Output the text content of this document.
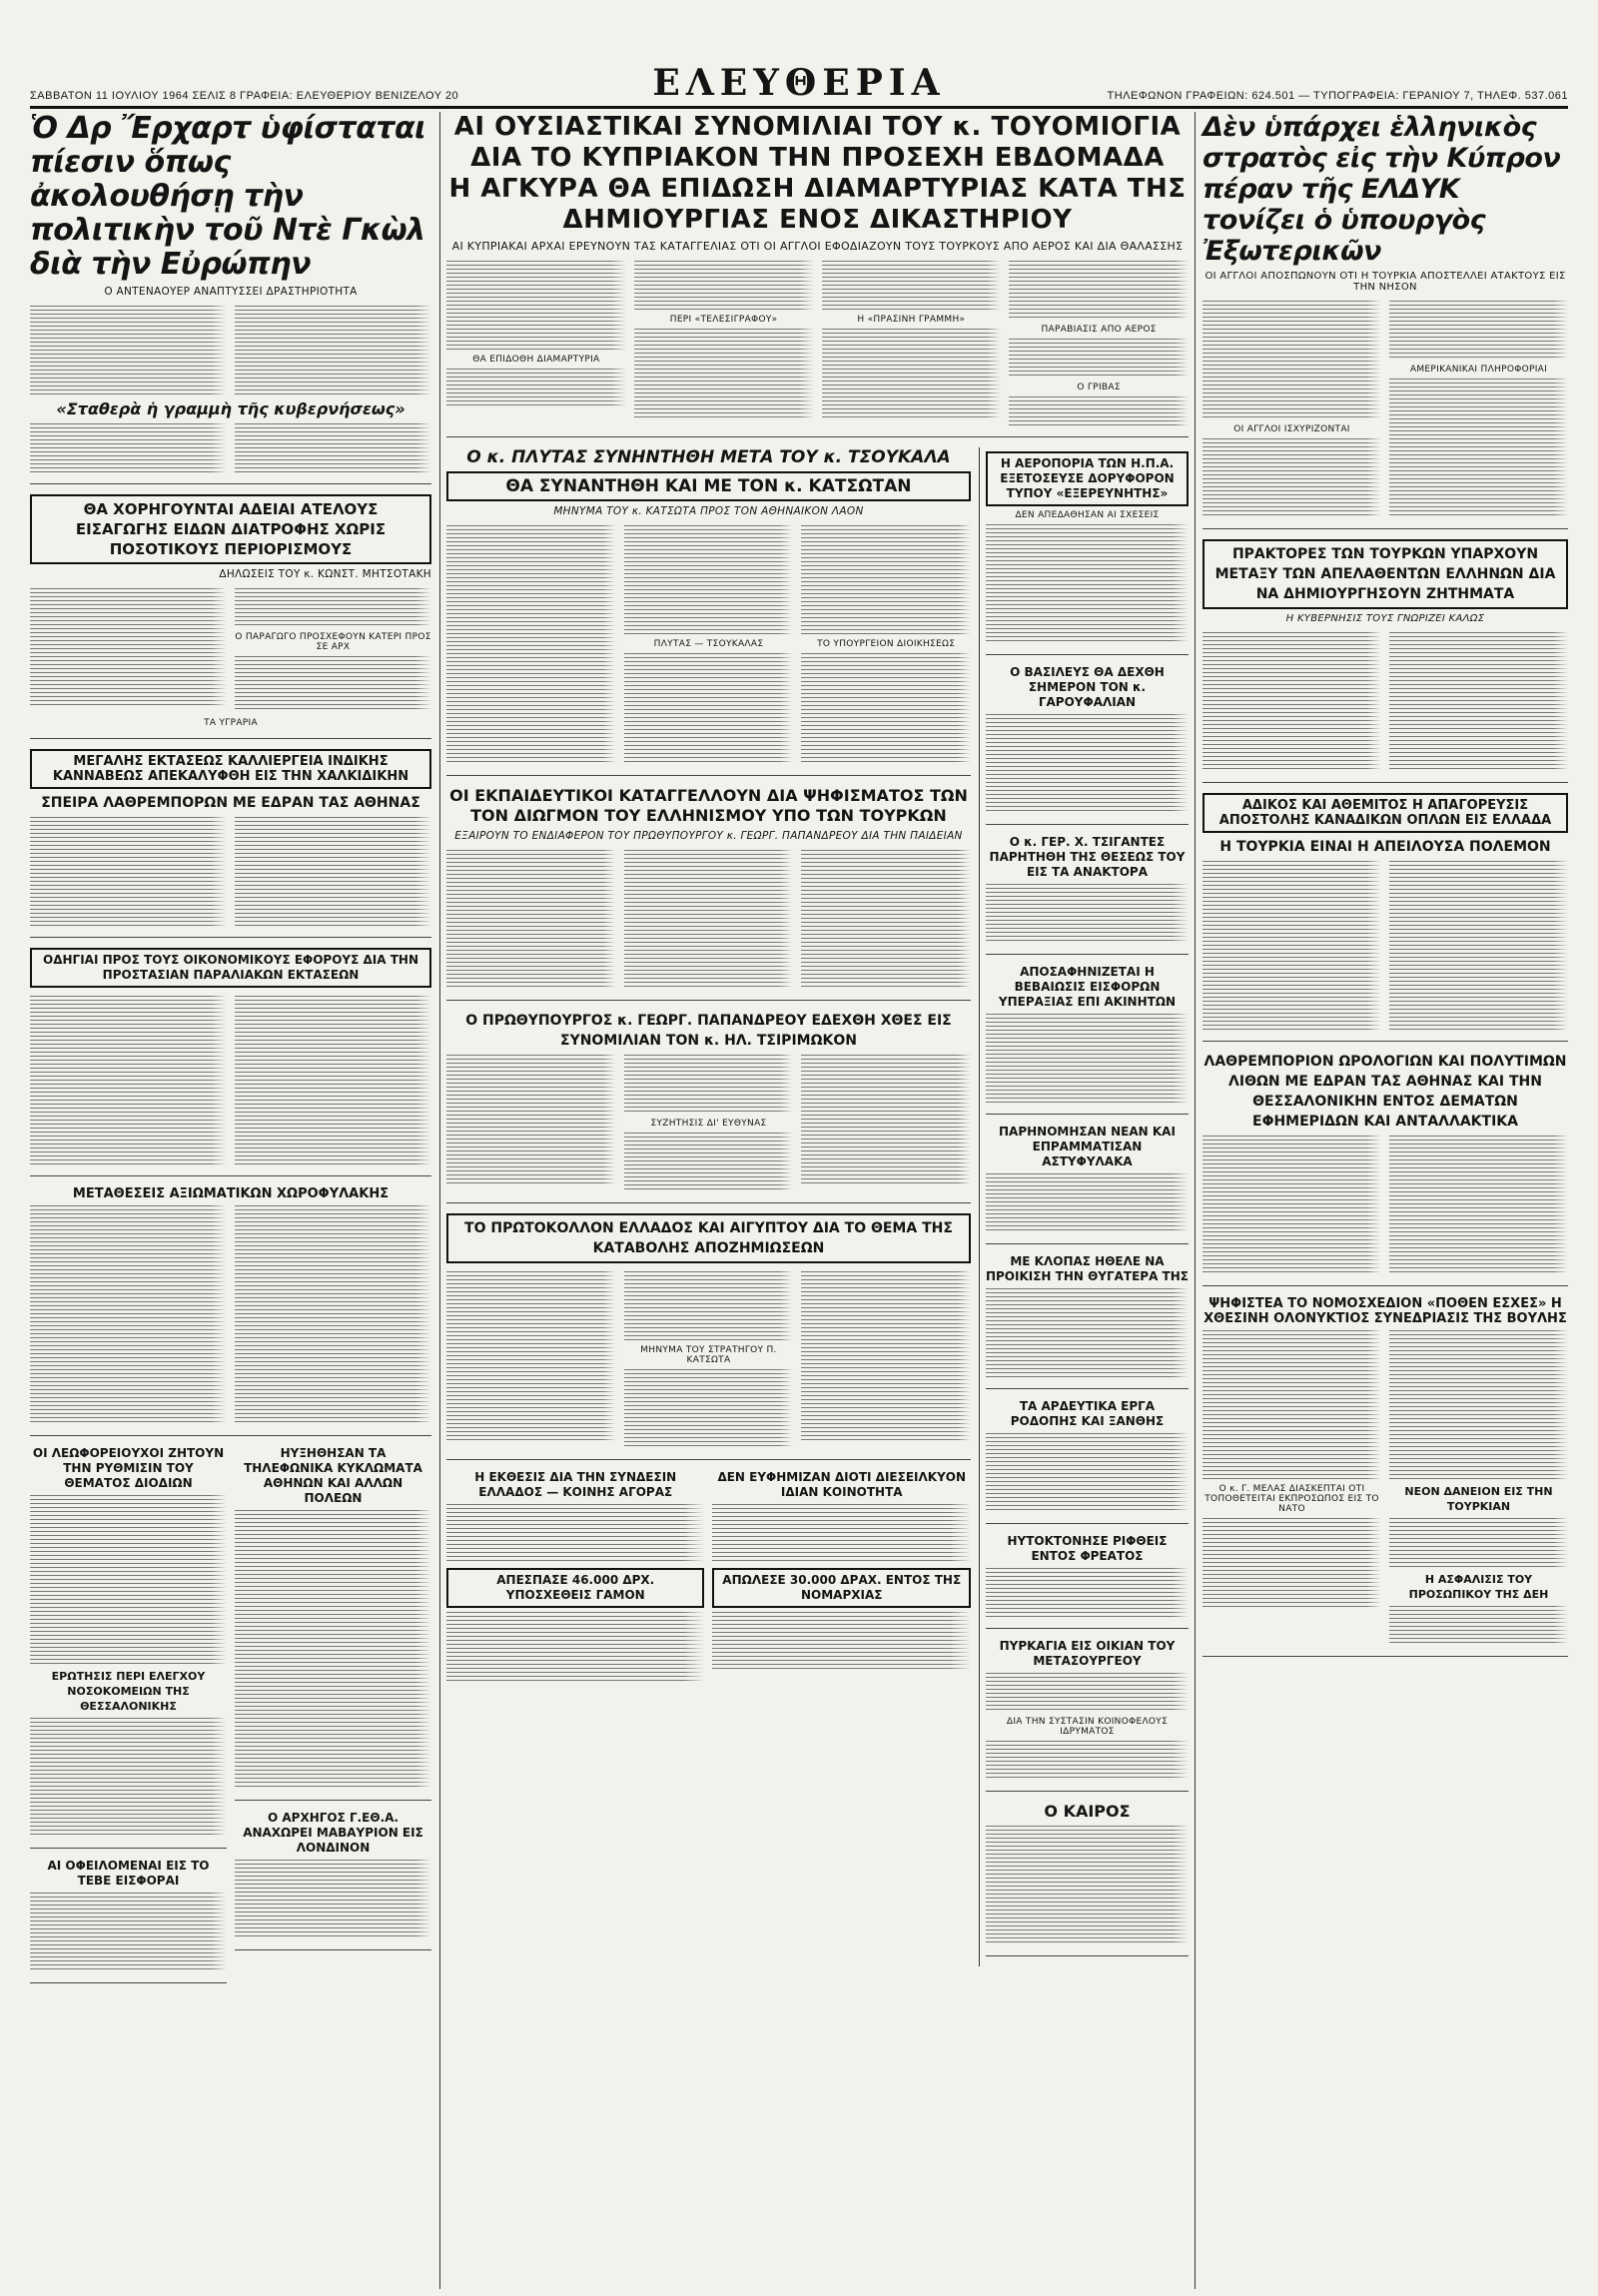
ΣΑΒΒΑΤΟΝ 11 ΙΟΥΛΙΟΥ 1964 ΣΕΛΙΣ 8 ΓΡΑΦΕΙΑ: ΕΛΕΥΘΕΡΙΟΥ ΒΕΝΙΖΕΛΟΥ 20	ΕΛΕΥΘΕΡΙΑ	ΤΗΛΕΦΩΝΟΝ ΓΡΑΦΕΙΩΝ: 624.501 — ΤΥΠΟΓΡΑΦΕΙΑ: ΓΕΡΑΝΙΟΥ 7, ΤΗΛΕΦ. 537.061
Ὁ Δρ Ἔρχαρτ ὑφίσταται πίεσιν ὅπως ἀκολουθήσῃ τὴν πολιτικὴν τοῦ Ντὲ Γκὼλ διὰ τὴν Εὐρώπην
Ο ΑΝΤΕΝΑΟΥΕΡ ΑΝΑΠΤΥΣΣΕΙ ΔΡΑΣΤΗΡΙΟΤΗΤΑ
«Σταθερὰ ἡ γραμμὴ τῆς κυβερνήσεως»
ΘΑ ΧΟΡΗΓΟΥΝΤΑΙ ΑΔΕΙΑΙ ΑΤΕΛΟΥΣ ΕΙΣΑΓΩΓΗΣ ΕΙΔΩΝ ΔΙΑΤΡΟΦΗΣ ΧΩΡΙΣ ΠΟΣΟΤΙΚΟΥΣ ΠΕΡΙΟΡΙΣΜΟΥΣ
ΔΗΛΩΣΕΙΣ ΤΟΥ κ. ΚΩΝΣΤ. ΜΗΤΣΟΤΑΚΗ
Ο ΠΑΡΑΓΩΓΟ ΠΡΟΣΧΕΦΟΥΝ ΚΑΤΕΡΙ ΠΡΟΣ ΣΕ ΑΡΧ
ΤΑ ΥΓΡΑΡΙΑ
ΜΕΓΑΛΗΣ ΕΚΤΑΣΕΩΣ ΚΑΛΛΙΕΡΓΕΙΑ ΙΝΔΙΚΗΣ ΚΑΝΝΑΒΕΩΣ ΑΠΕΚΑΛΥΦΘΗ ΕΙΣ ΤΗΝ ΧΑΛΚΙΔΙΚΗΝ
ΣΠΕΙΡΑ ΛΑΘΡΕΜΠΟΡΩΝ ΜΕ ΕΔΡΑΝ ΤΑΣ ΑΘΗΝΑΣ
ΟΔΗΓΙΑΙ ΠΡΟΣ ΤΟΥΣ ΟΙΚΟΝΟΜΙΚΟΥΣ ΕΦΟΡΟΥΣ ΔΙΑ ΤΗΝ ΠΡΟΣΤΑΣΙΑΝ ΠΑΡΑΛΙΑΚΩΝ ΕΚΤΑΣΕΩΝ
ΜΕΤΑΘΕΣΕΙΣ ΑΞΙΩΜΑΤΙΚΩΝ ΧΩΡΟΦΥΛΑΚΗΣ
ΟΙ ΛΕΩΦΟΡΕΙΟΥΧΟΙ ΖΗΤΟΥΝ ΤΗΝ ΡΥΘΜΙΣΙΝ ΤΟΥ ΘΕΜΑΤΟΣ ΔΙΟΔΙΩΝ
ΕΡΩΤΗΣΙΣ ΠΕΡΙ ΕΛΕΓΧΟΥ ΝΟΣΟΚΟΜΕΙΩΝ ΤΗΣ ΘΕΣΣΑΛΟΝΙΚΗΣ
ΑΙ ΟΦΕΙΛΟΜΕΝΑΙ ΕΙΣ ΤΟ ΤΕΒΕ ΕΙΣΦΟΡΑΙ
ΗΥΞΗΘΗΣΑΝ ΤΑ ΤΗΛΕΦΩΝΙΚΑ ΚΥΚΛΩΜΑΤΑ ΑΘΗΝΩΝ ΚΑΙ ΑΛΛΩΝ ΠΟΛΕΩΝ
Ο ΑΡΧΗΓΟΣ Γ.ΕΘ.Α. ΑΝΑΧΩΡΕΙ ΜΑΒΑΥΡΙΟΝ ΕΙΣ ΛΟΝΔΙΝΟΝ
ΑΙ ΟΥΣΙΑΣΤΙΚΑΙ ΣΥΝΟΜΙΛΙΑΙ ΤΟΥ κ. ΤΟΥΟΜΙΟΓΙΑ ΔΙΑ ΤΟ ΚΥΠΡΙΑΚΟΝ ΤΗΝ ΠΡΟΣΕΧΗ ΕΒΔΟΜΑΔΑ
Η ΑΓΚΥΡΑ ΘΑ ΕΠΙΔΩΣΗ ΔΙΑΜΑΡΤΥΡΙΑΣ ΚΑΤΑ ΤΗΣ ΔΗΜΙΟΥΡΓΙΑΣ ΕΝΟΣ ΔΙΚΑΣΤΗΡΙΟΥ
ΑΙ ΚΥΠΡΙΑΚΑΙ ΑΡΧΑΙ ΕΡΕΥΝΟΥΝ ΤΑΣ ΚΑΤΑΓΓΕΛΙΑΣ ΟΤΙ ΟΙ ΑΓΓΛΟΙ ΕΦΟΔΙΑΖΟΥΝ ΤΟΥΣ ΤΟΥΡΚΟΥΣ ΑΠΟ ΑΕΡΟΣ ΚΑΙ ΔΙΑ ΘΑΛΑΣΣΗΣ
ΘΑ ΕΠΙΔΟΘΗ ΔΙΑΜΑΡΤΥΡΙΑ
ΠΕΡΙ «ΤΕΛΕΣΙΓΡΑΦΟΥ»	Η «ΠΡΑΣΙΝΗ ΓΡΑΜΜΗ»
ΠΑΡΑΒΙΑΣΙΣ ΑΠΟ ΑΕΡΟΣ
Ο ΓΡΙΒΑΣ
Ο κ. ΠΛΥΤΑΣ ΣΥΝΗΝΤΗΘΗ ΜΕΤΑ ΤΟΥ κ. ΤΣΟΥΚΑΛΑ
ΘΑ ΣΥΝΑΝΤΗΘΗ ΚΑΙ ΜΕ ΤΟΝ κ. ΚΑΤΣΩΤΑΝ
ΜΗΝΥΜΑ ΤΟΥ κ. ΚΑΤΣΩΤΑ ΠΡΟΣ ΤΟΝ ΑΘΗΝΑΙΚΟΝ ΛΑΟΝ
ΠΛΥΤΑΣ — ΤΣΟΥΚΑΛΑΣ	ΤΟ ΥΠΟΥΡΓΕΙΟΝ ΔΙΟΙΚΗΣΕΩΣ
ΟΙ ΕΚΠΑΙΔΕΥΤΙΚΟΙ ΚΑΤΑΓΓΕΛΛΟΥΝ ΔΙΑ ΨΗΦΙΣΜΑΤΟΣ ΤΩΝ ΤΟΝ ΔΙΩΓΜΟΝ ΤΟΥ ΕΛΛΗΝΙΣΜΟΥ ΥΠΟ ΤΩΝ ΤΟΥΡΚΩΝ
ΕΞΑΙΡΟΥΝ ΤΟ ΕΝΔΙΑΦΕΡΟΝ ΤΟΥ ΠΡΩΘΥΠΟΥΡΓΟΥ κ. ΓΕΩΡΓ. ΠΑΠΑΝΔΡΕΟΥ ΔΙΑ ΤΗΝ ΠΑΙΔΕΙΑΝ
Ο ΠΡΩΘΥΠΟΥΡΓΟΣ κ. ΓΕΩΡΓ. ΠΑΠΑΝΔΡΕΟΥ ΕΔΕΧΘΗ ΧΘΕΣ ΕΙΣ ΣΥΝΟΜΙΛΙΑΝ ΤΟΝ κ. ΗΛ. ΤΣΙΡΙΜΩΚΟΝ
ΣΥΖΗΤΗΣΙΣ ΔΙ' ΕΥΘΥΝΑΣ
ΤΟ ΠΡΩΤΟΚΟΛΛΟΝ ΕΛΛΑΔΟΣ ΚΑΙ ΑΙΓΥΠΤΟΥ ΔΙΑ ΤΟ ΘΕΜΑ ΤΗΣ ΚΑΤΑΒΟΛΗΣ ΑΠΟΖΗΜΙΩΣΕΩΝ
ΜΗΝΥΜΑ ΤΟΥ ΣΤΡΑΤΗΓΟΥ Π. ΚΑΤΣΩΤΑ
Η ΕΚΘΕΣΙΣ ΔΙΑ ΤΗΝ ΣΥΝΔΕΣΙΝ ΕΛΛΑΔΟΣ — ΚΟΙΝΗΣ ΑΓΟΡΑΣ
ΑΠΕΣΠΑΣΕ 46.000 ΔΡΧ. ΥΠΟΣΧΕΘΕΙΣ ΓΑΜΟΝ
ΔΕΝ ΕΥΦΗΜΙΖΑΝ ΔΙΟΤΙ ΔΙΕΣΕΙΛΚΥΟΝ ΙΔΙΑΝ ΚΟΙΝΟΤΗΤΑ
ΑΠΩΛΕΣΕ 30.000 ΔΡΑΧ. ΕΝΤΟΣ ΤΗΣ ΝΟΜΑΡΧΙΑΣ
Η ΑΕΡΟΠΟΡΙΑ ΤΩΝ Η.Π.Α. ΕΞΕΤΟΣΕΥΣΕ ΔΟΡΥΦΟΡΟΝ ΤΥΠΟΥ «ΕΞΕΡΕΥΝΗΤΗΣ»
ΔΕΝ ΑΠΕΔΑΘΗΣΑΝ ΑΙ ΣΧΕΣΕΙΣ
Ο ΒΑΣΙΛΕΥΣ ΘΑ ΔΕΧΘΗ ΣΗΜΕΡΟΝ ΤΟΝ κ. ΓΑΡΟΥΦΑΛΙΑΝ
Ο κ. ΓΕΡ. Χ. ΤΣΙΓΑΝΤΕΣ ΠΑΡΗΤΗΘΗ ΤΗΣ ΘΕΣΕΩΣ ΤΟΥ ΕΙΣ ΤΑ ΑΝΑΚΤΟΡΑ
ΑΠΟΣΑΦΗΝΙΖΕΤΑΙ Η ΒΕΒΑΙΩΣΙΣ ΕΙΣΦΟΡΩΝ ΥΠΕΡΑΞΙΑΣ ΕΠΙ ΑΚΙΝΗΤΩΝ
ΠΑΡΗΝΟΜΗΣΑΝ ΝΕΑΝ ΚΑΙ ΕΠΡΑΜΜΑΤΙΣΑΝ ΑΣΤΥΦΥΛΑΚΑ
ΜΕ ΚΛΟΠΑΣ ΗΘΕΛΕ ΝΑ ΠΡΟΙΚΙΣΗ ΤΗΝ ΘΥΓΑΤΕΡΑ ΤΗΣ
ΤΑ ΑΡΔΕΥΤΙΚΑ ΕΡΓΑ ΡΟΔΟΠΗΣ ΚΑΙ ΞΑΝΘΗΣ
ΗΥΤΟΚΤΟΝΗΣΕ ΡΙΦΘΕΙΣ ΕΝΤΟΣ ΦΡΕΑΤΟΣ
ΠΥΡΚΑΓΙΑ ΕΙΣ ΟΙΚΙΑΝ ΤΟΥ ΜΕΤΑΣΟΥΡΓΕΟΥ
ΔΙΑ ΤΗΝ ΣΥΣΤΑΣΙΝ ΚΟΙΝΟΦΕΛΟΥΣ ΙΔΡΥΜΑΤΟΣ
Ο ΚΑΙΡΟΣ
Δὲν ὑπάρχει ἑλληνικὸς στρατὸς εἰς τὴν Κύπρον πέραν τῆς ΕΛΔΥΚ τονίζει ὁ ὑπουργὸς Ἐξωτερικῶν
ΟΙ ΑΓΓΛΟΙ ΑΠΟΣΠΩΝΟΥΝ ΟΤΙ Η ΤΟΥΡΚΙΑ ΑΠΟΣΤΕΛΛΕΙ ΑΤΑΚΤΟΥΣ ΕΙΣ ΤΗΝ ΝΗΣΟΝ
ΟΙ ΑΓΓΛΟΙ ΙΣΧΥΡΙΖΟΝΤΑΙ
ΑΜΕΡΙΚΑΝΙΚΑΙ ΠΛΗΡΟΦΟΡΙΑΙ
ΠΡΑΚΤΟΡΕΣ ΤΩΝ ΤΟΥΡΚΩΝ ΥΠΑΡΧΟΥΝ ΜΕΤΑΞΥ ΤΩΝ ΑΠΕΛΑΘΕΝΤΩΝ ΕΛΛΗΝΩΝ ΔΙΑ ΝΑ ΔΗΜΙΟΥΡΓΗΣΟΥΝ ΖΗΤΗΜΑΤΑ
Η ΚΥΒΕΡΝΗΣΙΣ ΤΟΥΣ ΓΝΩΡΙΖΕΙ ΚΑΛΩΣ
ΑΔΙΚΟΣ ΚΑΙ ΑΘΕΜΙΤΟΣ Η ΑΠΑΓΟΡΕΥΣΙΣ ΑΠΟΣΤΟΛΗΣ ΚΑΝΑΔΙΚΩΝ ΟΠΛΩΝ ΕΙΣ ΕΛΛΑΔΑ
Η ΤΟΥΡΚΙΑ ΕΙΝΑΙ Η ΑΠΕΙΛΟΥΣΑ ΠΟΛΕΜΟΝ
ΛΑΘΡΕΜΠΟΡΙΟΝ ΩΡΟΛΟΓΙΩΝ ΚΑΙ ΠΟΛΥΤΙΜΩΝ ΛΙΘΩΝ ΜΕ ΕΔΡΑΝ ΤΑΣ ΑΘΗΝΑΣ ΚΑΙ ΤΗΝ ΘΕΣΣΑΛΟΝΙΚΗΝ ΕΝΤΟΣ ΔΕΜΑΤΩΝ ΕΦΗΜΕΡΙΔΩΝ ΚΑΙ ΑΝΤΑΛΛΑΚΤΙΚΑ
ΨΗΦΙΣΤΕΑ ΤΟ ΝΟΜΟΣΧΕΔΙΟΝ «ΠΟΘΕΝ ΕΣΧΕΣ» Η ΧΘΕΣΙΝΗ ΟΛΟΝΥΚΤΙΟΣ ΣΥΝΕΔΡΙΑΣΙΣ ΤΗΣ ΒΟΥΛΗΣ
Ο κ. Γ. ΜΕΛΑΣ ΔΙΑΣΚΕΠΤΑΙ ΟΤΙ ΤΟΠΟΘΕΤΕΙΤΑΙ ΕΚΠΡΟΣΩΠΟΣ ΕΙΣ ΤΟ ΝΑΤΟ
ΝΕΟΝ ΔΑΝΕΙΟΝ ΕΙΣ ΤΗΝ ΤΟΥΡΚΙΑΝ
Η ΑΣΦΑΛΙΣΙΣ ΤΟΥ ΠΡΟΣΩΠΙΚΟΥ ΤΗΣ ΔΕΗ
